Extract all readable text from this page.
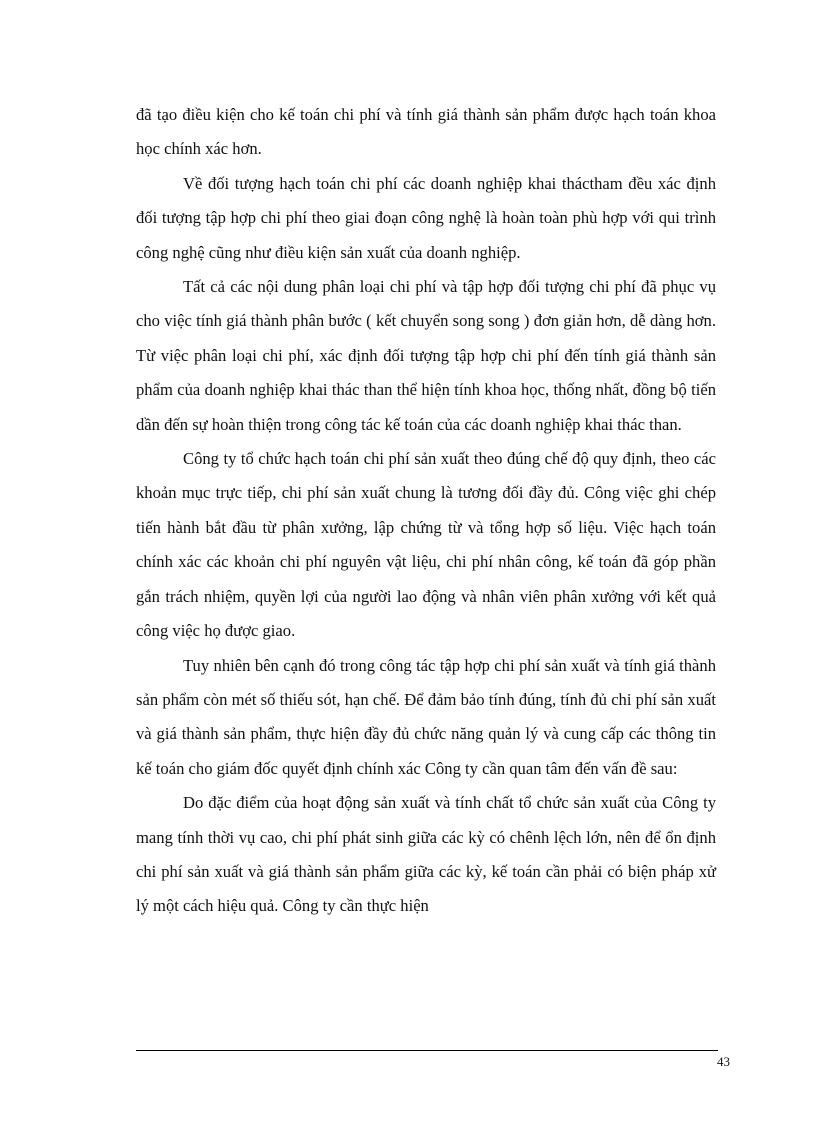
đã tạo điều kiện cho kế toán chi phí và tính giá thành sản phẩm được hạch toán khoa học chính xác hơn.

Về đối tượng hạch toán chi phí các doanh nghiệp khai tháctham đều xác định đối tượng tập hợp chi phí theo giai đoạn công nghệ là hoàn toàn phù hợp với qui trình công nghệ cũng như điều kiện sản xuất của doanh nghiệp.

Tất cả các nội dung phân loại chi phí và tập hợp đối tượng chi phí đã phục vụ cho việc tính giá thành phân bước ( kết chuyển song song ) đơn giản hơn, dễ dàng hơn. Từ việc phân loại chi phí, xác định đối tượng tập hợp chi phí đến tính giá thành sản phẩm của doanh nghiệp khai thác than thể hiện tính khoa học, thống nhất, đồng bộ tiến dần đến sự hoàn thiện trong công tác kế toán của các doanh nghiệp khai thác than.

Công ty tổ chức hạch toán chi phí sản xuất theo đúng chế độ quy định, theo các khoản mục trực tiếp, chi phí sản xuất chung là tương đối đầy đủ. Công việc ghi chép tiến hành bắt đầu từ phân xưởng, lập chứng từ và tổng hợp số liệu. Việc hạch toán chính xác các khoản chi phí nguyên vật liệu, chi phí nhân công, kế toán đã góp phần gắn trách nhiệm, quyền lợi của người lao động và nhân viên phân xưởng với kết quả công việc họ được giao.

Tuy nhiên bên cạnh đó trong công tác tập hợp chi phí sản xuất và tính giá thành sản phẩm còn mét số thiếu sót, hạn chế. Để đảm bảo tính đúng, tính đủ chi phí sản xuất và giá thành sản phẩm, thực hiện đầy đủ chức năng quản lý và cung cấp các thông tin kế toán cho giám đốc quyết định chính xác Công ty cần quan tâm đến vấn đề sau:

Do đặc điểm của hoạt động sản xuất và tính chất tổ chức sản xuất của Công ty mang tính thời vụ cao, chi phí phát sinh giữa các kỳ có chênh lệch lớn, nên để ổn định chi phí sản xuất và giá thành sản phẩm giữa các kỳ, kế toán cần phải có biện pháp xử lý một cách hiệu quả. Công ty cần thực hiện

43
